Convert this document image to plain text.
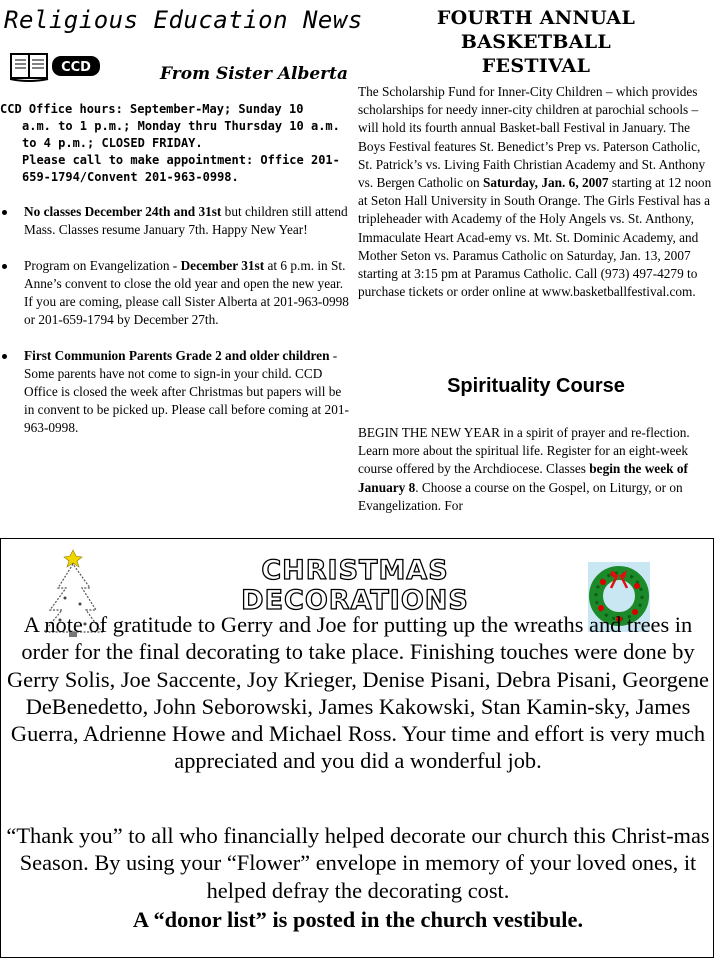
Religious Education News
CCD	From Sister Alberta
CCD Office hours: September-May; Sunday 10
a.m. to 1 p.m.; Monday thru Thursday 10 a.m.
to 4 p.m.; CLOSED FRIDAY.
Please call to make appointment: Office 201-
659-1794/Convent 201-963-0998.
No classes December 24th and 31st but children still attend Mass. Classes resume January 7th. Happy New Year!
Program on Evangelization - December 31st at 6 p.m. in St. Anne’s convent to close the old year and open the new year. If you are coming, please call Sister Alberta at 201-963-0998 or 201-659-1794 by December 27th.
First Communion Parents Grade 2 and older children - Some parents have not come to sign-in your child. CCD Office is closed the week after Christmas but papers will be in convent to be picked up. Please call before coming at 201-963-0998.
FOURTH ANNUAL BASKETBALL
FESTIVAL
The Scholarship Fund for Inner-City Children – which provides scholarships for needy inner-city children at parochial schools – will hold its fourth annual Basket-ball Festival in January. The Boys Festival features St. Benedict’s Prep vs. Paterson Catholic, St. Patrick’s vs. Living Faith Christian Academy and St. Anthony vs. Bergen Catholic on Saturday, Jan. 6, 2007 starting at 12 noon at Seton Hall University in South Orange. The Girls Festival has a tripleheader with Academy of the Holy Angels vs. St. Anthony, Immaculate Heart Acad-emy vs. Mt. St. Dominic Academy, and Mother Seton vs. Paramus Catholic on Saturday, Jan. 13, 2007 starting at 3:15 pm at Paramus Catholic. Call (973) 497-4279 to purchase tickets or order online at www.basketballfestival.com.
Spirituality Course
BEGIN THE NEW YEAR in a spirit of prayer and re-flection. Learn more about the spiritual life. Register for an eight-week course offered by the Archdiocese. Classes begin the week of January 8. Choose a course on the Gospel, on Liturgy, or on Evangelization. For
CHRISTMAS
DECORATIONS
A note of gratitude to Gerry and Joe for putting up the wreaths and trees in order for the final decorating to take place. Finishing touches were done by Gerry Solis, Joe Saccente, Joy Krieger, Denise Pisani, Debra Pisani, Georgene DeBenedetto, John Seborowski, James Kakowski, Stan Kamin-sky, James Guerra, Adrienne Howe and Michael Ross. Your time and effort is very much appreciated and you did a wonderful job.
“Thank you” to all who financially helped decorate our church this Christ-mas Season. By using your “Flower” envelope in memory of your loved ones, it helped defray the decorating cost.
A “donor list” is posted in the church vestibule.
